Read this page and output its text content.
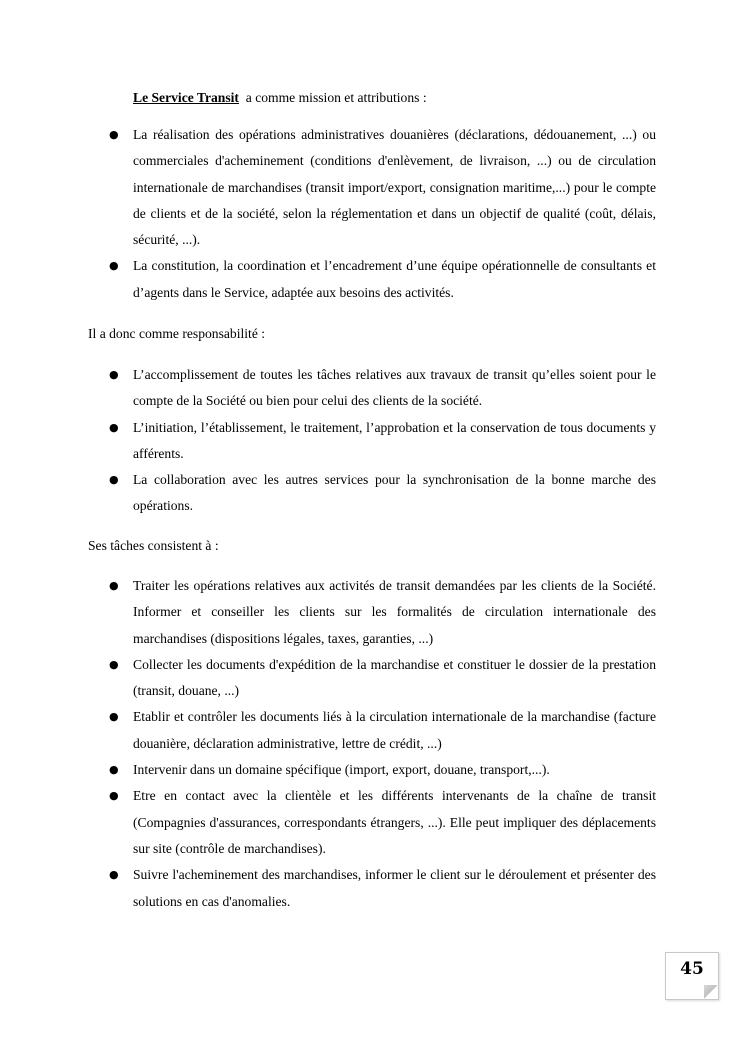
Le Service Transit a comme mission et attributions :

● La réalisation des opérations administratives douanières (déclarations, dédouanement, ...) ou commerciales d'acheminement (conditions d'enlèvement, de livraison, ...) ou de circulation internationale de marchandises (transit import/export, consignation maritime,...) pour le compte de clients et de la société, selon la réglementation et dans un objectif de qualité (coût, délais, sécurité, ...).
● La constitution, la coordination et l’encadrement d’une équipe opérationnelle de consultants et d’agents dans le Service, adaptée aux besoins des activités.

Il a donc comme responsabilité :

● L’accomplissement de toutes les tâches relatives aux travaux de transit qu’elles soient pour le compte de la Société ou bien pour celui des clients de la société.
● L’initiation, l’établissement, le traitement, l’approbation et la conservation de tous documents y afférents.
● La collaboration avec les autres services pour la synchronisation de la bonne marche des opérations.

Ses tâches consistent à :

● Traiter les opérations relatives aux activités de transit demandées par les clients de la Société. Informer et conseiller les clients sur les formalités de circulation internationale des marchandises (dispositions légales, taxes, garanties, ...)
● Collecter les documents d'expédition de la marchandise et constituer le dossier de la prestation (transit, douane, ...)
● Etablir et contrôler les documents liés à la circulation internationale de la marchandise (facture douanière, déclaration administrative, lettre de crédit, ...)
● Intervenir dans un domaine spécifique (import, export, douane, transport,...).
● Etre en contact avec la clientèle et les différents intervenants de la chaîne de transit (Compagnies d'assurances, correspondants étrangers, ...). Elle peut impliquer des déplacements sur site (contrôle de marchandises).
● Suivre l'acheminement des marchandises, informer le client sur le déroulement et présenter des solutions en cas d'anomalies.
45
